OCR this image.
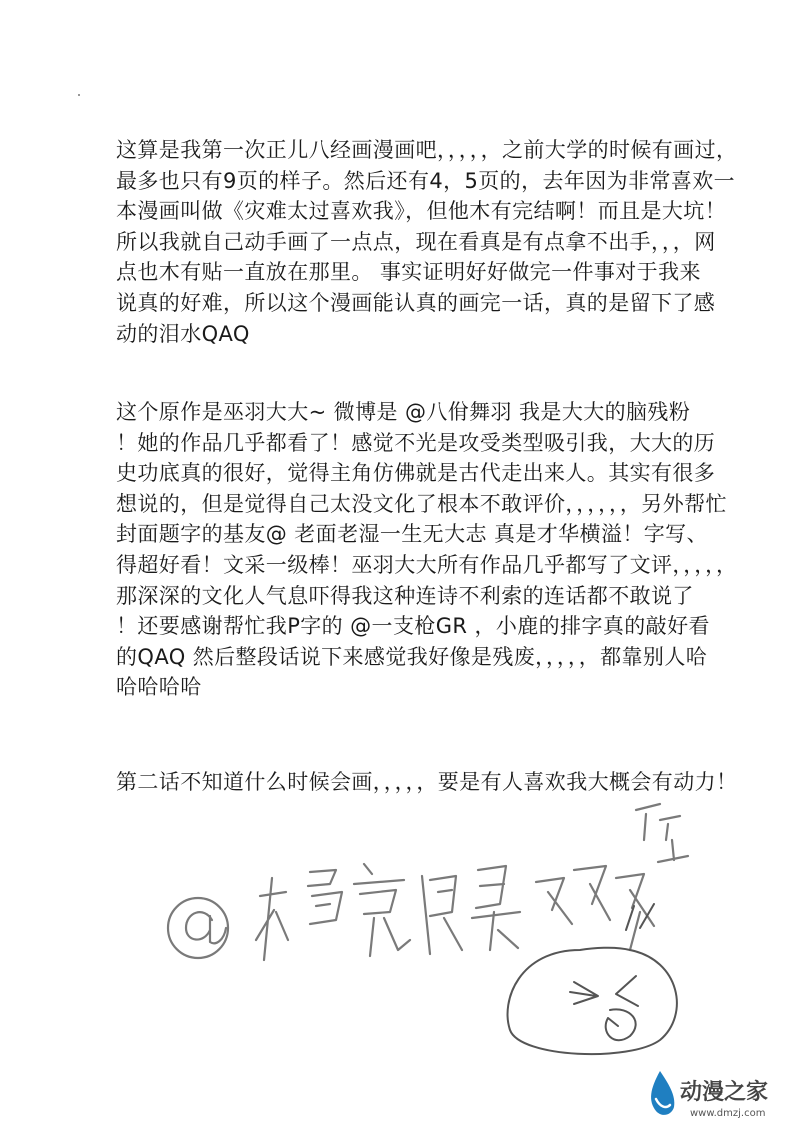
这算是我第一次正儿八经画漫画吧，，，，，之前大学的时候有画过，
最多也只有9页的样子。然后还有4，5页的，去年因为非常喜欢一
本漫画叫做《灾难太过喜欢我》，但他木有完结啊！而且是大坑！
所以我就自己动手画了一点点，现在看真是有点拿不出手，，，网
点也木有贴一直放在那里。 事实证明好好做完一件事对于我来
说真的好难，所以这个漫画能认真的画完一话，真的是留下了感
动的泪水QAQ
这个原作是巫羽大大~ 微博是 @八佾舞羽 我是大大的脑残粉
！她的作品几乎都看了！感觉不光是攻受类型吸引我，大大的历
史功底真的很好，觉得主角仿佛就是古代走出来人。其实有很多
想说的，但是觉得自己太没文化了根本不敢评价，，，，，，另外帮忙
封面题字的基友@ 老面老湿一生无大志 真是才华横溢！字写、
得超好看！文采一级棒！巫羽大大所有作品几乎都写了文评，，，，，
那深深的文化人气息吓得我这种连诗不利索的连话都不敢说了
！还要感谢帮忙我P字的 @一支枪GR ，小鹿的排字真的敲好看
的QAQ 然后整段话说下来感觉我好像是残废，，，，，都靠别人哈
哈哈哈哈
第二话不知道什么时候会画，，，，，要是有人喜欢我大概会有动力！
动漫之家
www.dmzj.com
